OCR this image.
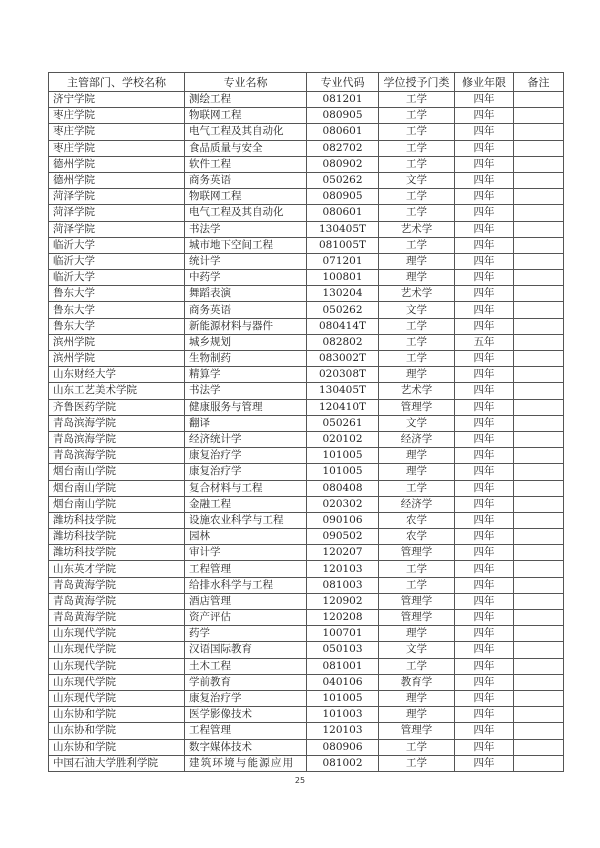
主管部门、学校名称	专业名称	专业代码	学位授予门类	修业年限	备注
济宁学院	测绘工程	081201	工学	四年	
枣庄学院	物联网工程	080905	工学	四年	
枣庄学院	电气工程及其自动化	080601	工学	四年	
枣庄学院	食品质量与安全	082702	工学	四年	
德州学院	软件工程	080902	工学	四年	
德州学院	商务英语	050262	文学	四年	
菏泽学院	物联网工程	080905	工学	四年	
菏泽学院	电气工程及其自动化	080601	工学	四年	
菏泽学院	书法学	130405T	艺术学	四年	
临沂大学	城市地下空间工程	081005T	工学	四年	
临沂大学	统计学	071201	理学	四年	
临沂大学	中药学	100801	理学	四年	
鲁东大学	舞蹈表演	130204	艺术学	四年	
鲁东大学	商务英语	050262	文学	四年	
鲁东大学	新能源材料与器件	080414T	工学	四年	
滨州学院	城乡规划	082802	工学	五年	
滨州学院	生物制药	083002T	工学	四年	
山东财经大学	精算学	020308T	理学	四年	
山东工艺美术学院	书法学	130405T	艺术学	四年	
齐鲁医药学院	健康服务与管理	120410T	管理学	四年	
青岛滨海学院	翻译	050261	文学	四年	
青岛滨海学院	经济统计学	020102	经济学	四年	
青岛滨海学院	康复治疗学	101005	理学	四年	
烟台南山学院	康复治疗学	101005	理学	四年	
烟台南山学院	复合材料与工程	080408	工学	四年	
烟台南山学院	金融工程	020302	经济学	四年	
潍坊科技学院	设施农业科学与工程	090106	农学	四年	
潍坊科技学院	园林	090502	农学	四年	
潍坊科技学院	审计学	120207	管理学	四年	
山东英才学院	工程管理	120103	工学	四年	
青岛黄海学院	给排水科学与工程	081003	工学	四年	
青岛黄海学院	酒店管理	120902	管理学	四年	
青岛黄海学院	资产评估	120208	管理学	四年	
山东现代学院	药学	100701	理学	四年	
山东现代学院	汉语国际教育	050103	文学	四年	
山东现代学院	土木工程	081001	工学	四年	
山东现代学院	学前教育	040106	教育学	四年	
山东现代学院	康复治疗学	101005	理学	四年	
山东协和学院	医学影像技术	101003	理学	四年	
山东协和学院	工程管理	120103	管理学	四年	
山东协和学院	数字媒体技术	080906	工学	四年	
中国石油大学胜利学院	建筑环境与能源应用	081002	工学	四年	
25
